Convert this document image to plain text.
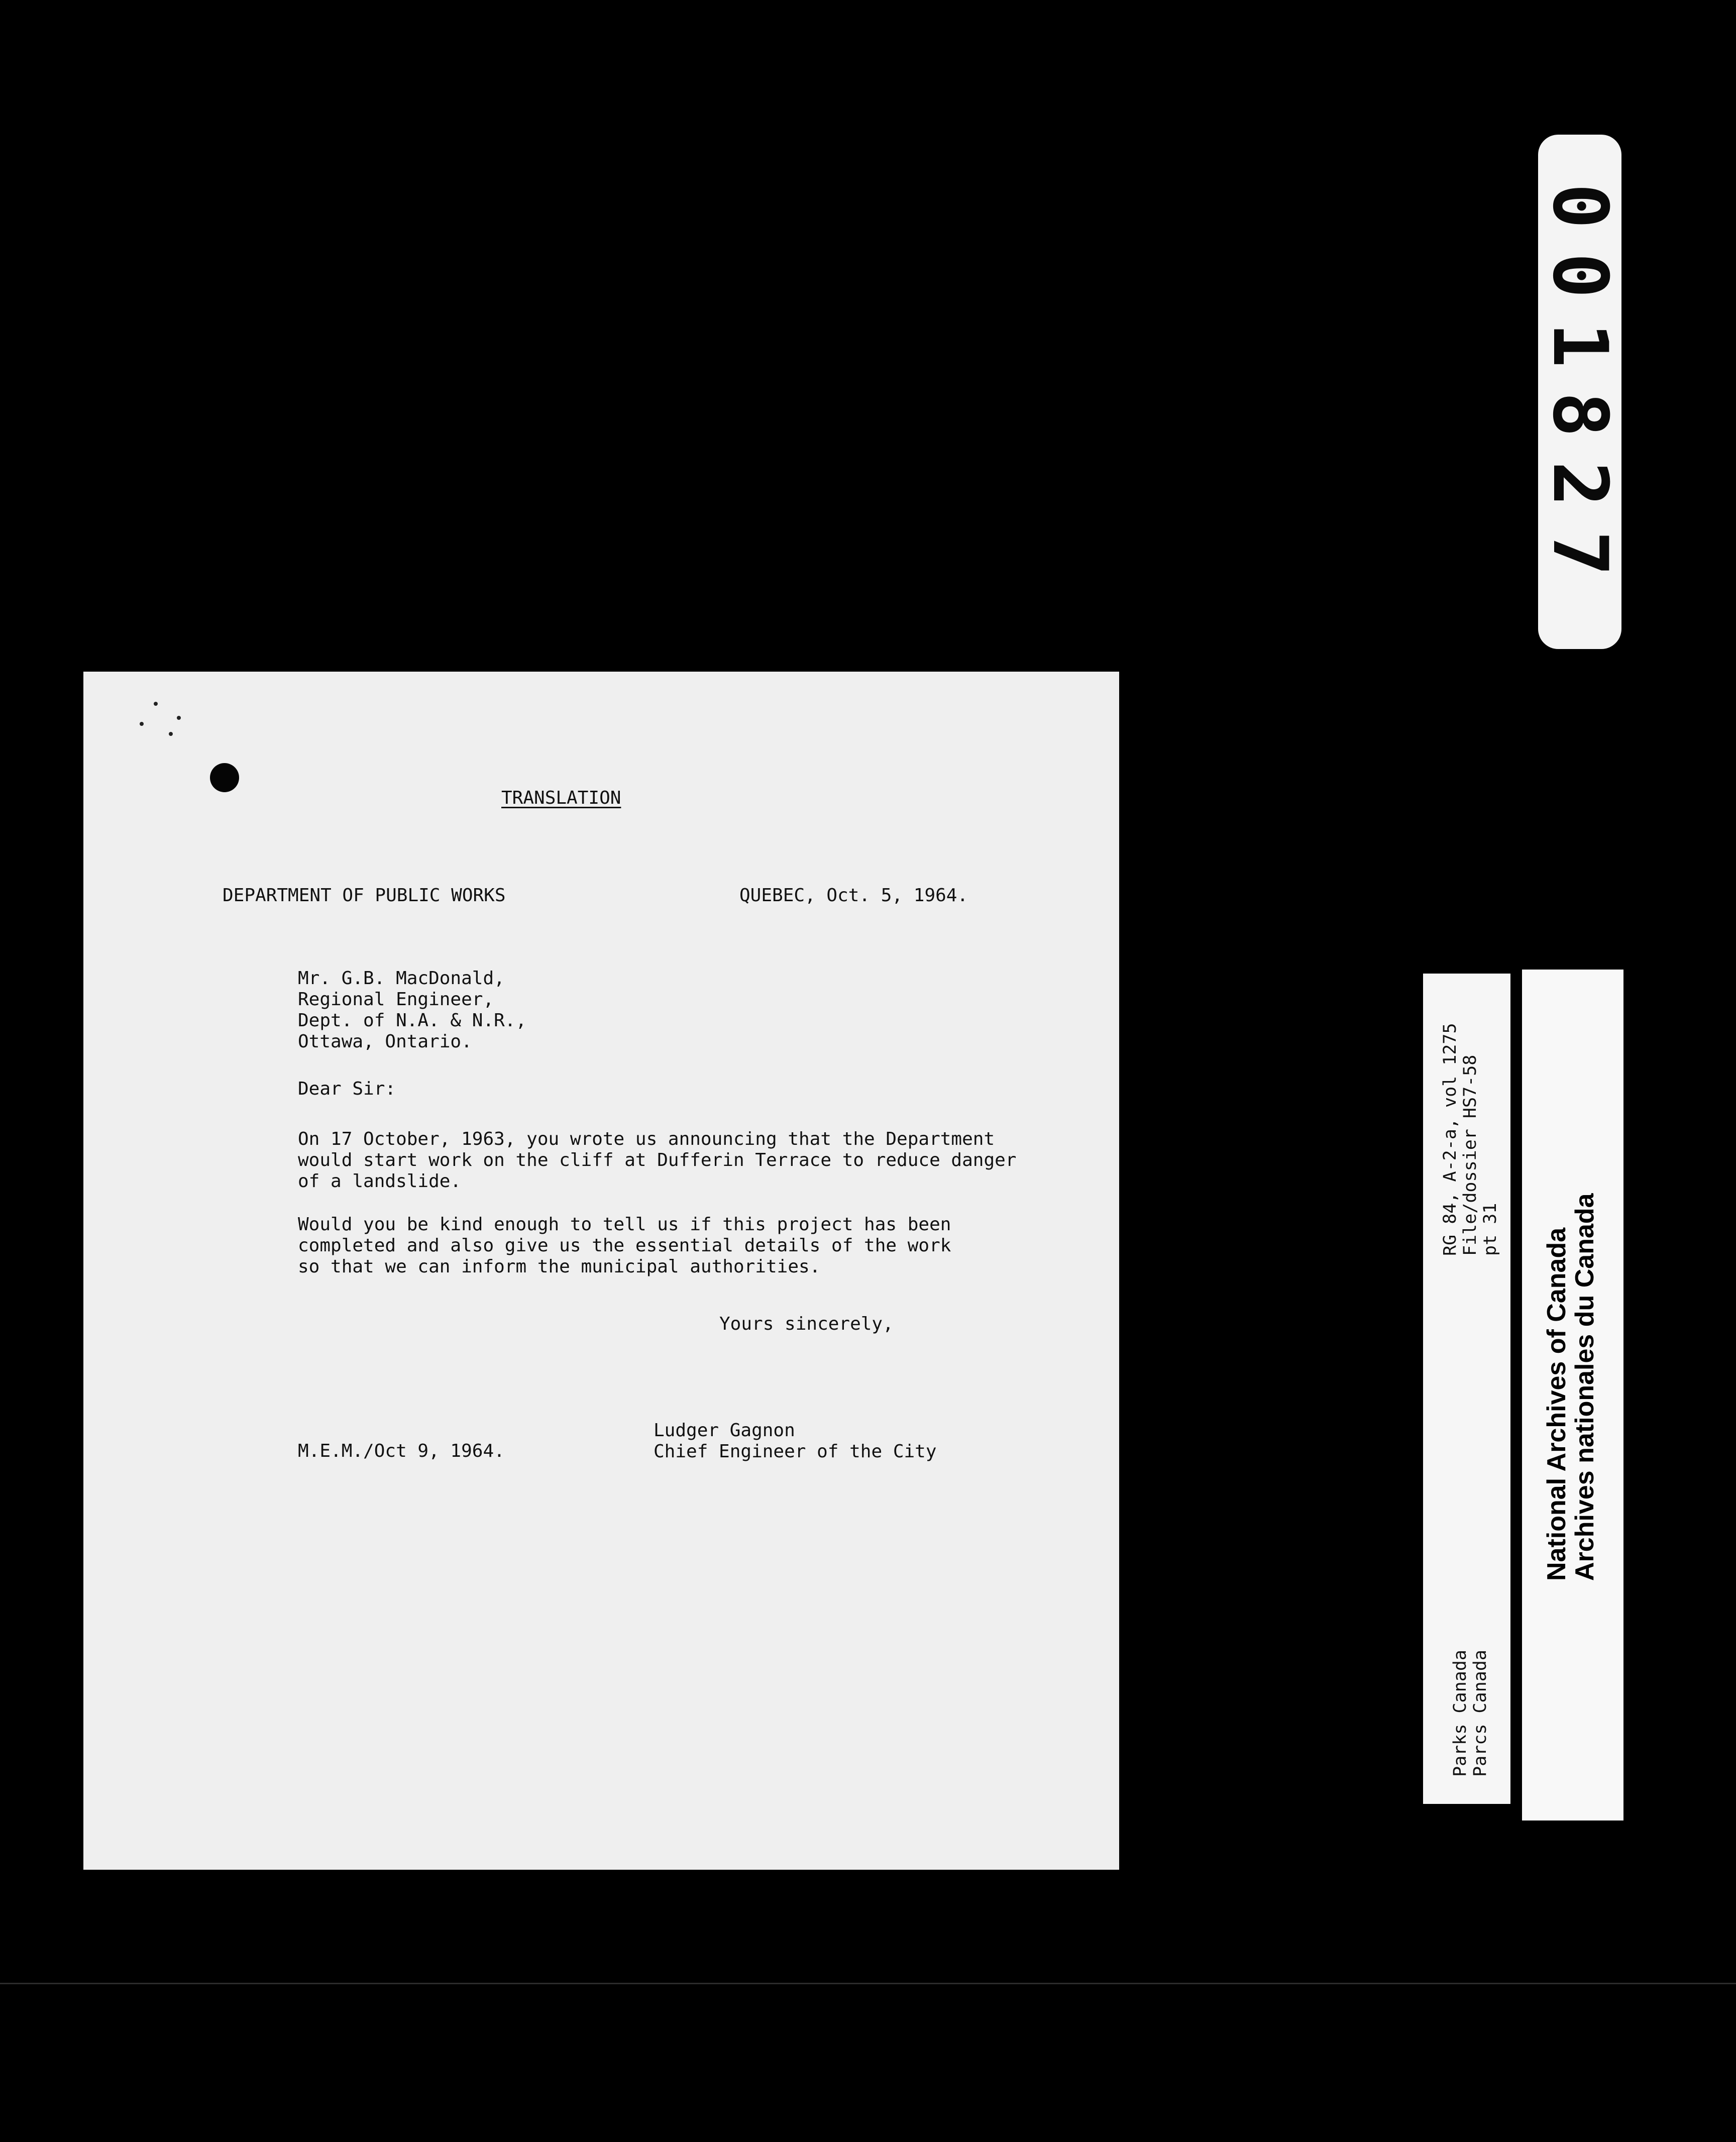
TRANSLATION
DEPARTMENT OF PUBLIC WORKS	QUEBEC, Oct. 5, 1964.
Mr. G.B. MacDonald,
Regional Engineer,
Dept. of N.A. & N.R.,
Ottawa, Ontario.
Dear Sir:
On 17 October, 1963, you wrote us announcing that the Department
would start work on the cliff at Dufferin Terrace to reduce danger
of a landslide.
Would you be kind enough to tell us if this project has been
completed and also give us the essential details of the work
so that we can inform the municipal authorities.
Yours sincerely,
Ludger Gagnon
Chief Engineer of the City
M.E.M./Oct 9, 1964.
001827
RG 84, A-2-a, vol 1275 File/dossier HS7-58 pt 31
Parks Canada Parcs Canada
National Archives of Canada
Archives nationales du Canada
